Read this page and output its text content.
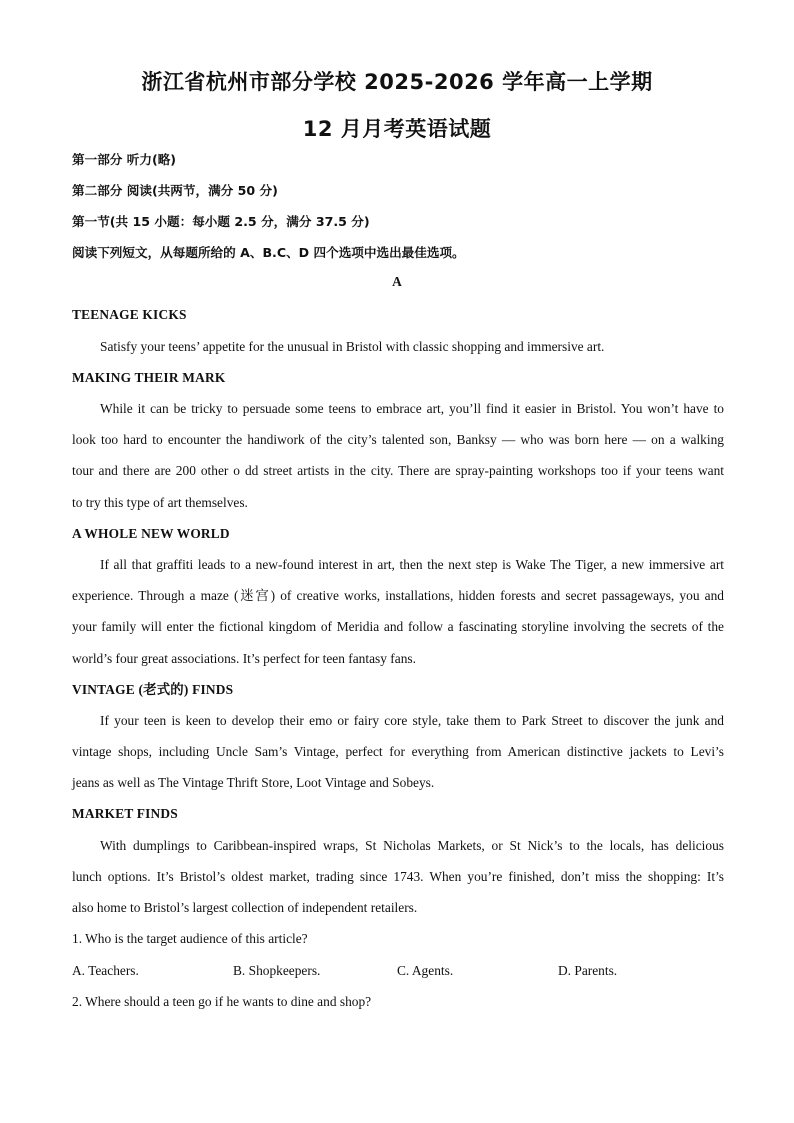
浙江省杭州市部分学校 2025-2026 学年高一上学期
12 月月考英语试题
第一部分 听力(略)
第二部分 阅读(共两节，满分 50 分)
第一节(共 15 小题：每小题 2.5 分，满分 37.5 分)
阅读下列短文，从每题所给的 A、B.C、D 四个选项中选出最佳选项。
A
TEENAGE KICKS
Satisfy your teens’ appetite for the unusual in Bristol with classic shopping and immersive art.
MAKING THEIR MARK
While it can be tricky to persuade some teens to embrace art, you’ll find it easier in Bristol. You won’t have to
look too hard to encounter the handiwork of the city’s talented son, Banksy — who was born here — on a walking
tour and there are 200 other o dd street artists in the city. There are spray-painting workshops too if your teens want
to try this type of art themselves.
A WHOLE NEW WORLD
If all that graffiti leads to a new-found interest in art, then the next step is Wake The Tiger, a new immersive art
experience. Through a maze (迷宫) of creative works, installations, hidden forests and secret passageways, you and
your family will enter the fictional kingdom of Meridia and follow a fascinating storyline involving the secrets of the
world’s four great associations. It’s perfect for teen fantasy fans.
VINTAGE (老式的) FINDS
If your teen is keen to develop their emo or fairy core style, take them to Park Street to discover the junk and
vintage shops, including Uncle Sam’s Vintage, perfect for everything from American distinctive jackets to Levi’s
jeans as well as The Vintage Thrift Store, Loot Vintage and Sobeys.
MARKET FINDS
With dumplings to Caribbean-inspired wraps, St Nicholas Markets, or St Nick’s to the locals, has delicious
lunch options. It’s Bristol’s oldest market, trading since 1743. When you’re finished, don’t miss the shopping: It’s
also home to Bristol’s largest collection of independent retailers.
1. Who is the target audience of this article?
A. Teachers.	B. Shopkeepers.	C. Agents.	D. Parents.
2. Where should a teen go if he wants to dine and shop?
